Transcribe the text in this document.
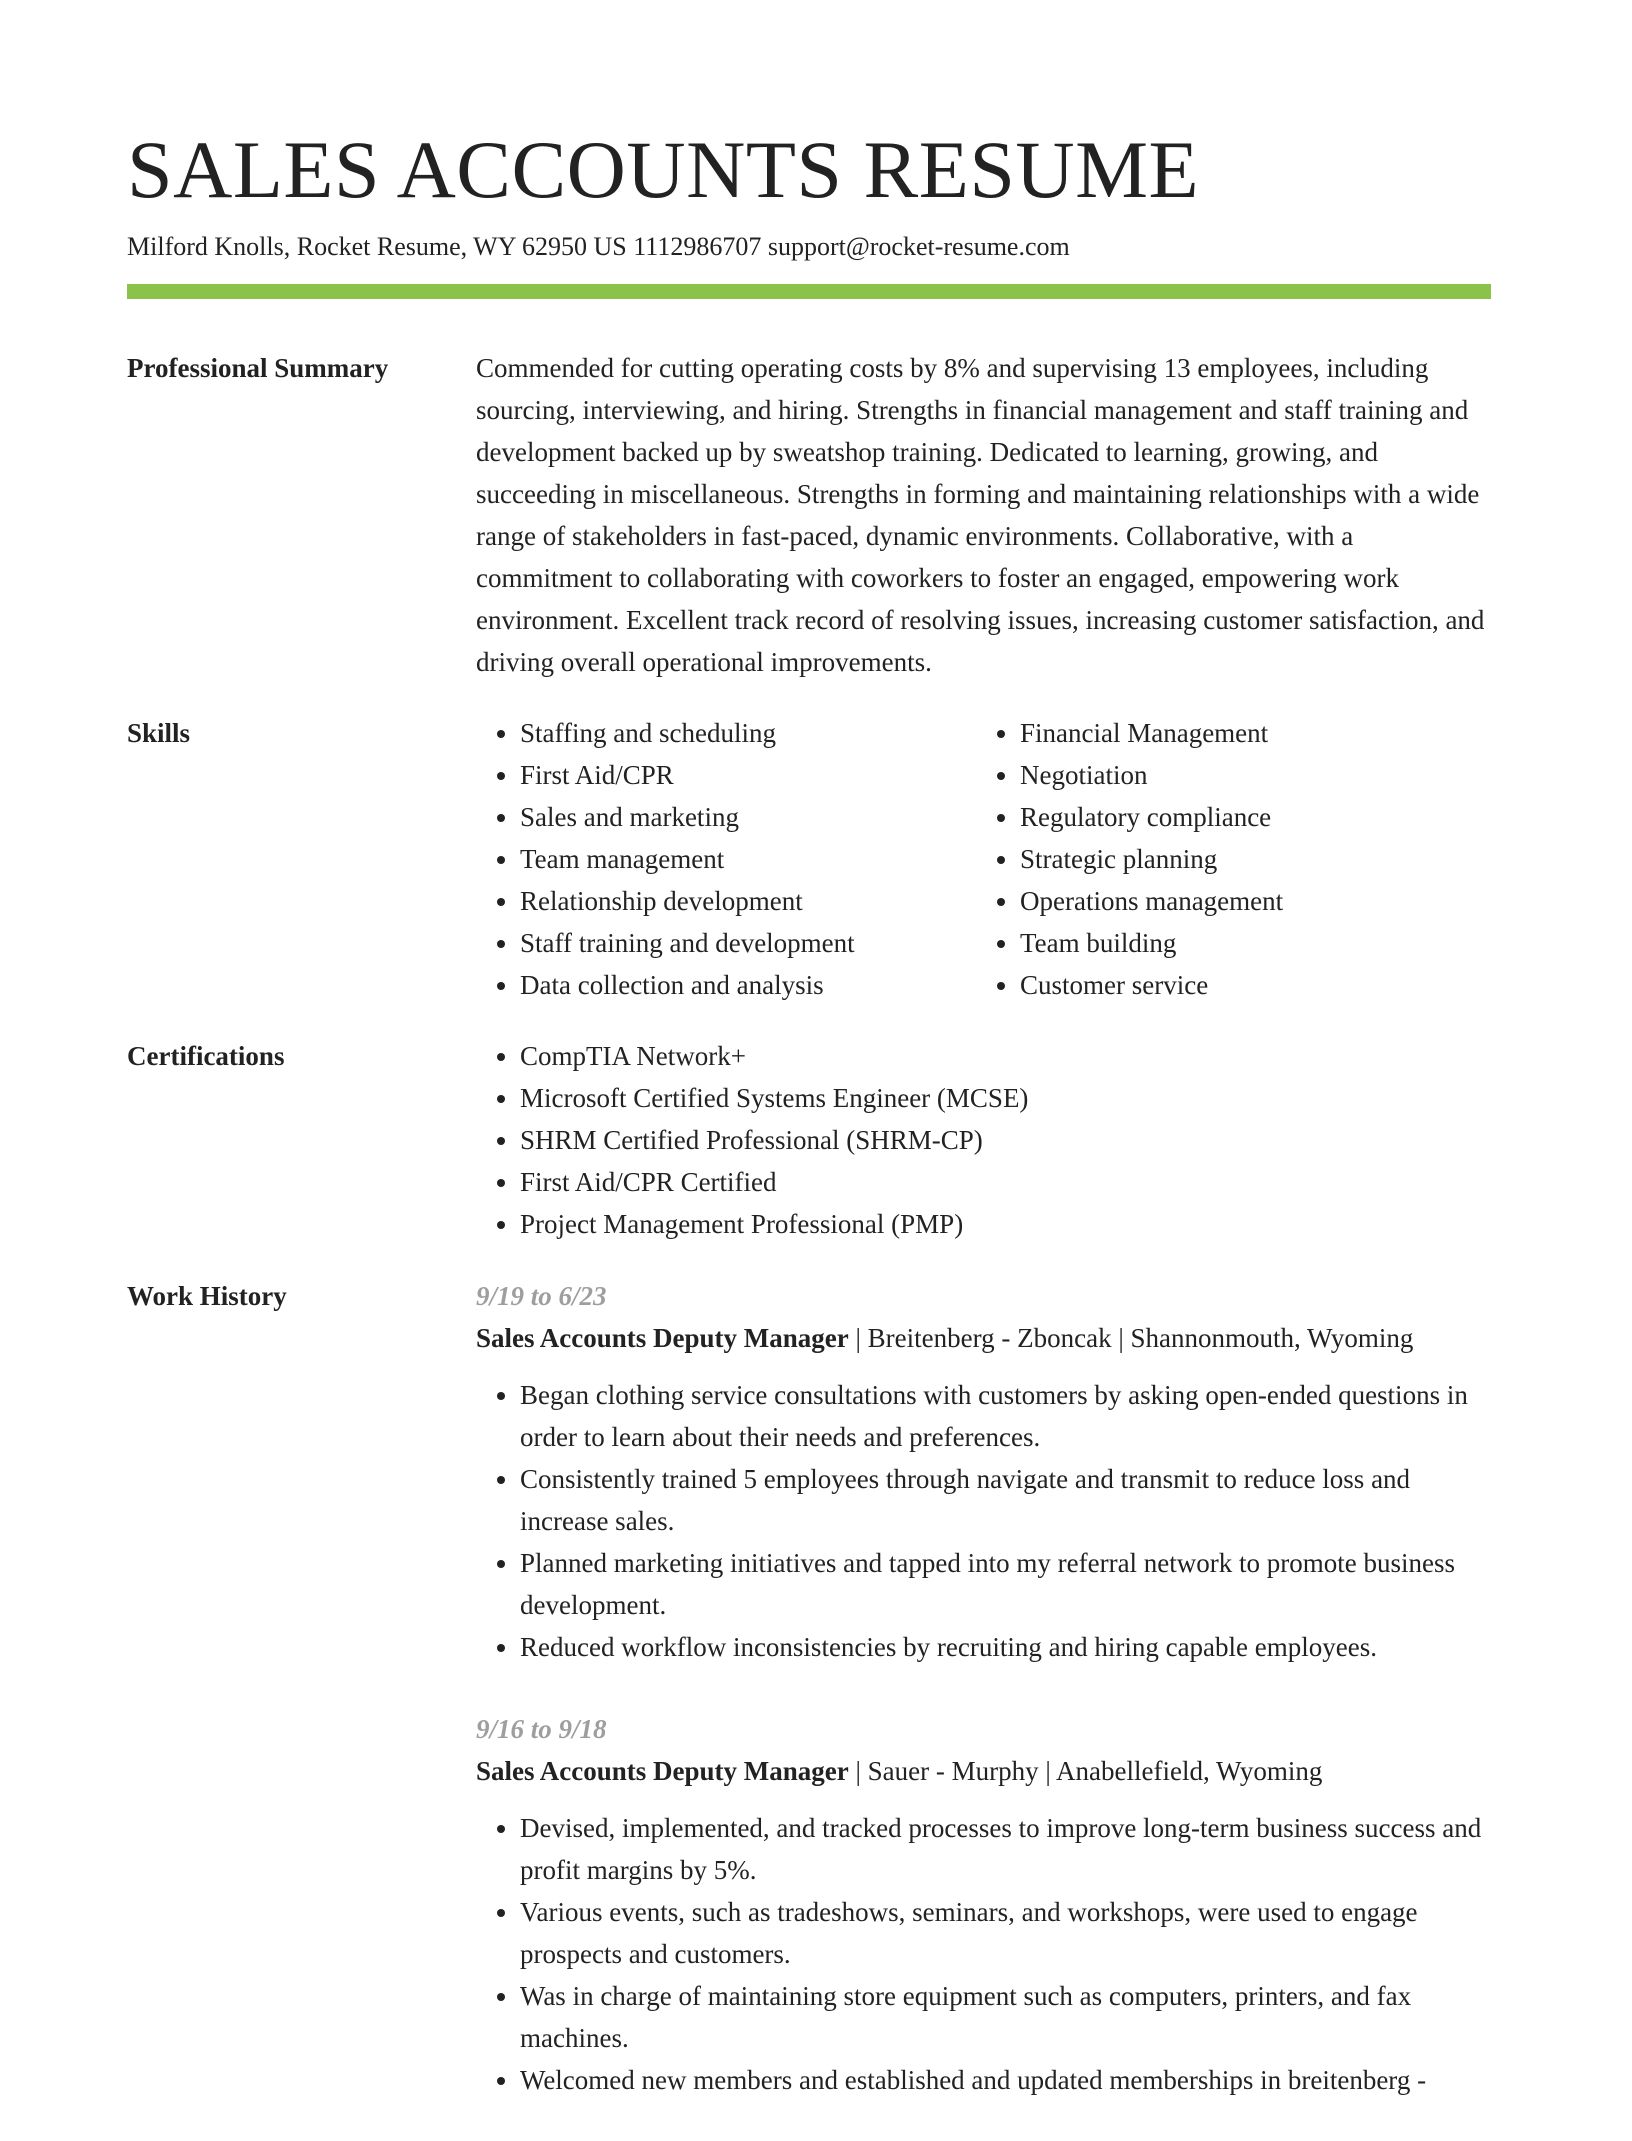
SALES ACCOUNTS RESUME
Milford Knolls, Rocket Resume, WY 62950 US 1112986707 support@rocket-resume.com
Professional Summary	Commended for cutting operating costs by 8% and supervising 13 employees, including sourcing, interviewing, and hiring. Strengths in financial management and staff training and development backed up by sweatshop training. Dedicated to learning, growing, and succeeding in miscellaneous. Strengths in forming and maintaining relationships with a wide range of stakeholders in fast-paced, dynamic environments. Collaborative, with a commitment to collaborating with coworkers to foster an engaged, empowering work environment. Excellent track record of resolving issues, increasing customer satisfaction, and driving overall operational improvements.

Skills	• Staffing and scheduling
• First Aid/CPR
• Sales and marketing
• Team management
• Relationship development
• Staff training and development
• Data collection and analysis
• Financial Management
• Negotiation
• Regulatory compliance
• Strategic planning
• Operations management
• Team building
• Customer service
Certifications	• CompTIA Network+
• Microsoft Certified Systems Engineer (MCSE)
• SHRM Certified Professional (SHRM-CP)
• First Aid/CPR Certified
• Project Management Professional (PMP)
Work History	9/19 to 6/23
Sales Accounts Deputy Manager | Breitenberg - Zboncak | Shannonmouth, Wyoming
• Began clothing service consultations with customers by asking open-ended questions in order to learn about their needs and preferences.
• Consistently trained 5 employees through navigate and transmit to reduce loss and increase sales.
• Planned marketing initiatives and tapped into my referral network to promote business development.
• Reduced workflow inconsistencies by recruiting and hiring capable employees.
9/16 to 9/18
Sales Accounts Deputy Manager | Sauer - Murphy | Anabellefield, Wyoming
• Devised, implemented, and tracked processes to improve long-term business success and profit margins by 5%.
• Various events, such as tradeshows, seminars, and workshops, were used to engage prospects and customers.
• Was in charge of maintaining store equipment such as computers, printers, and fax machines.
• Welcomed new members and established and updated memberships in breitenberg -
